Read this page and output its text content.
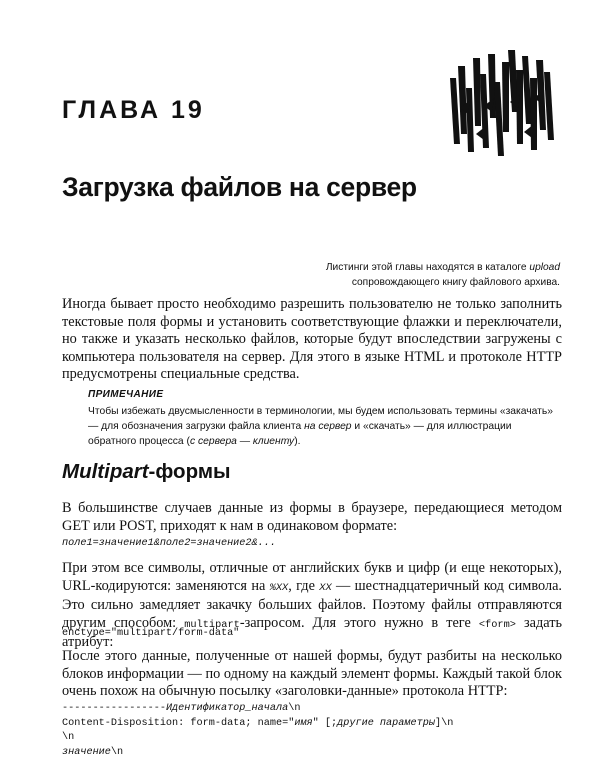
ГЛАВА 19
Загрузка файлов на сервер
Листинги этой главы находятся в каталоге upload
сопровождающего книгу файлового архива.
Иногда бывает просто необходимо разрешить пользователю не только заполнить текстовые поля формы и установить соответствующие флажки и переключатели, но также и указать несколько файлов, которые будут впоследствии загружены с компьютера пользователя на сервер. Для этого в языке HTML и протоколе HTTP предусмотрены специальные средства.
ПРИМЕЧАНИЕ
Чтобы избежать двусмысленности в терминологии, мы будем использовать термины «закачать» — для обозначения загрузки файла клиента на сервер и «скачать» — для иллюстрации обратного процесса (с сервера — клиенту).
Multipart-формы
В большинстве случаев данные из формы в браузере, передающиеся методом GET или POST, приходят к нам в одинаковом формате:
поле1=значение1&поле2=значение2&...
При этом все символы, отличные от английских букв и цифр (и еще некоторых), URL-кодируются: заменяются на %XX, где XX — шестнадцатеричный код символа. Это сильно замедляет закачку больших файлов. Поэтому файлы отправляются другим способом: multipart-запросом. Для этого нужно в теге <form> задать атрибут:
enctype="multipart/form-data"
После этого данные, полученные от нашей формы, будут разбиты на несколько блоков информации — по одному на каждый элемент формы. Каждый такой блок очень похож на обычную посылку «заголовки-данные» протокола HTTP:
-----------------Идентификатор_начала\n
Content-Disposition: form-data; name="имя" [;другие параметры]\n
\n
значение\n
